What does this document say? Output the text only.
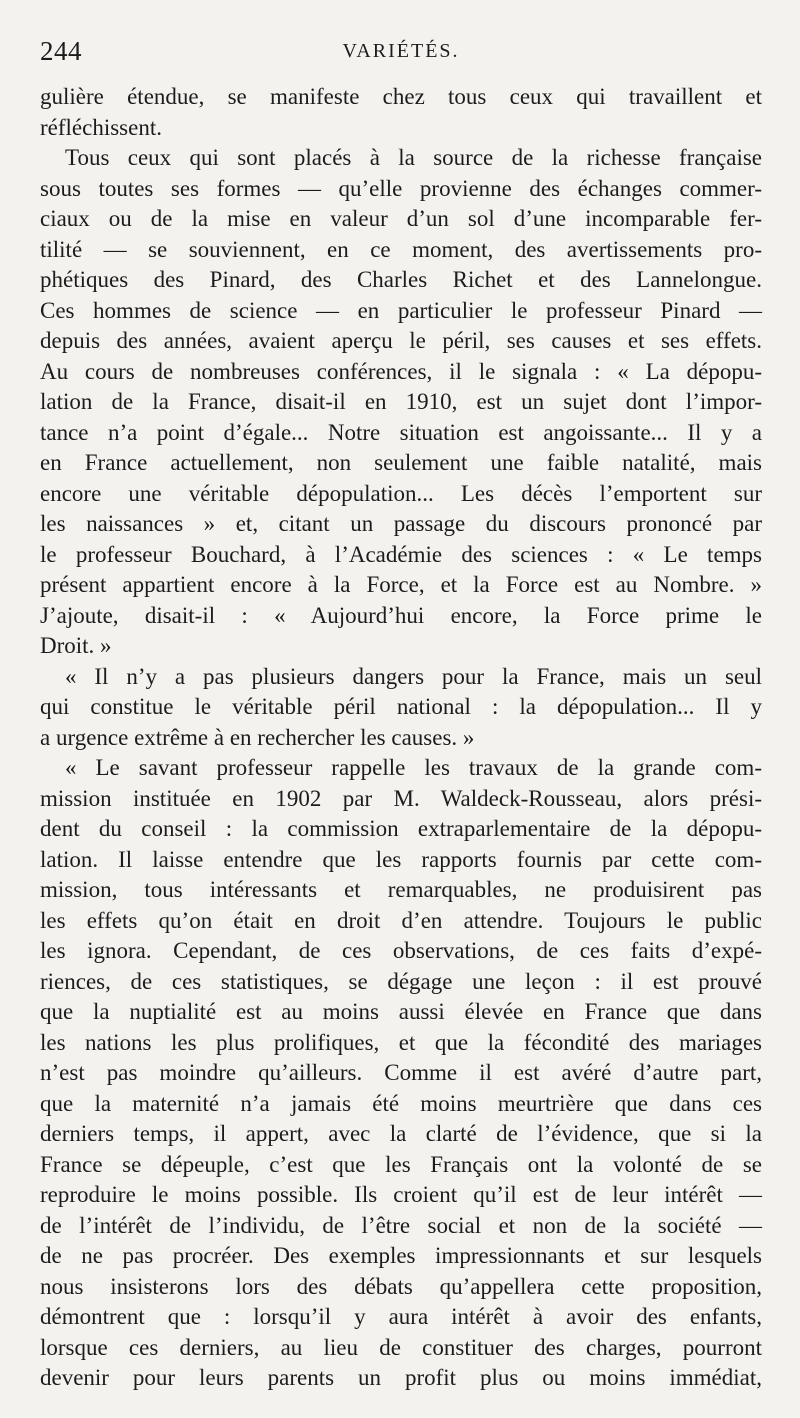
244	VARIÉTÉS.
gulière étendue, se manifeste chez tous ceux qui travaillent et
réfléchissent.
Tous ceux qui sont placés à la source de la richesse française
sous toutes ses formes — qu’elle provienne des échanges commer-
ciaux ou de la mise en valeur d’un sol d’une incomparable fer-
tilité — se souviennent, en ce moment, des avertissements pro-
phétiques des Pinard, des Charles Richet et des Lannelongue.
Ces hommes de science — en particulier le professeur Pinard —
depuis des années, avaient aperçu le péril, ses causes et ses effets.
Au cours de nombreuses conférences, il le signala : « La dépopu-
lation de la France, disait-il en 1910, est un sujet dont l’impor-
tance n’a point d’égale... Notre situation est angoissante... Il y a
en France actuellement, non seulement une faible natalité, mais
encore une véritable dépopulation... Les décès l’emportent sur
les naissances » et, citant un passage du discours prononcé par
le professeur Bouchard, à l’Académie des sciences : « Le temps
présent appartient encore à la Force, et la Force est au Nombre. »
J’ajoute, disait-il : « Aujourd’hui encore, la Force prime le
Droit. »
« Il n’y a pas plusieurs dangers pour la France, mais un seul
qui constitue le véritable péril national : la dépopulation... Il y
a urgence extrême à en rechercher les causes. »
« Le savant professeur rappelle les travaux de la grande com-
mission instituée en 1902 par M. Waldeck-Rousseau, alors prési-
dent du conseil : la commission extraparlementaire de la dépopu-
lation. Il laisse entendre que les rapports fournis par cette com-
mission, tous intéressants et remarquables, ne produisirent pas
les effets qu’on était en droit d’en attendre. Toujours le public
les ignora. Cependant, de ces observations, de ces faits d’expé-
riences, de ces statistiques, se dégage une leçon : il est prouvé
que la nuptialité est au moins aussi élevée en France que dans
les nations les plus prolifiques, et que la fécondité des mariages
n’est pas moindre qu’ailleurs. Comme il est avéré d’autre part,
que la maternité n’a jamais été moins meurtrière que dans ces
derniers temps, il appert, avec la clarté de l’évidence, que si la
France se dépeuple, c’est que les Français ont la volonté de se
reproduire le moins possible. Ils croient qu’il est de leur intérêt —
de l’intérêt de l’individu, de l’être social et non de la société —
de ne pas procréer. Des exemples impressionnants et sur lesquels
nous insisterons lors des débats qu’appellera cette proposition,
démontrent que : lorsqu’il y aura intérêt à avoir des enfants,
lorsque ces derniers, au lieu de constituer des charges, pourront
devenir pour leurs parents un profit plus ou moins immédiat,
